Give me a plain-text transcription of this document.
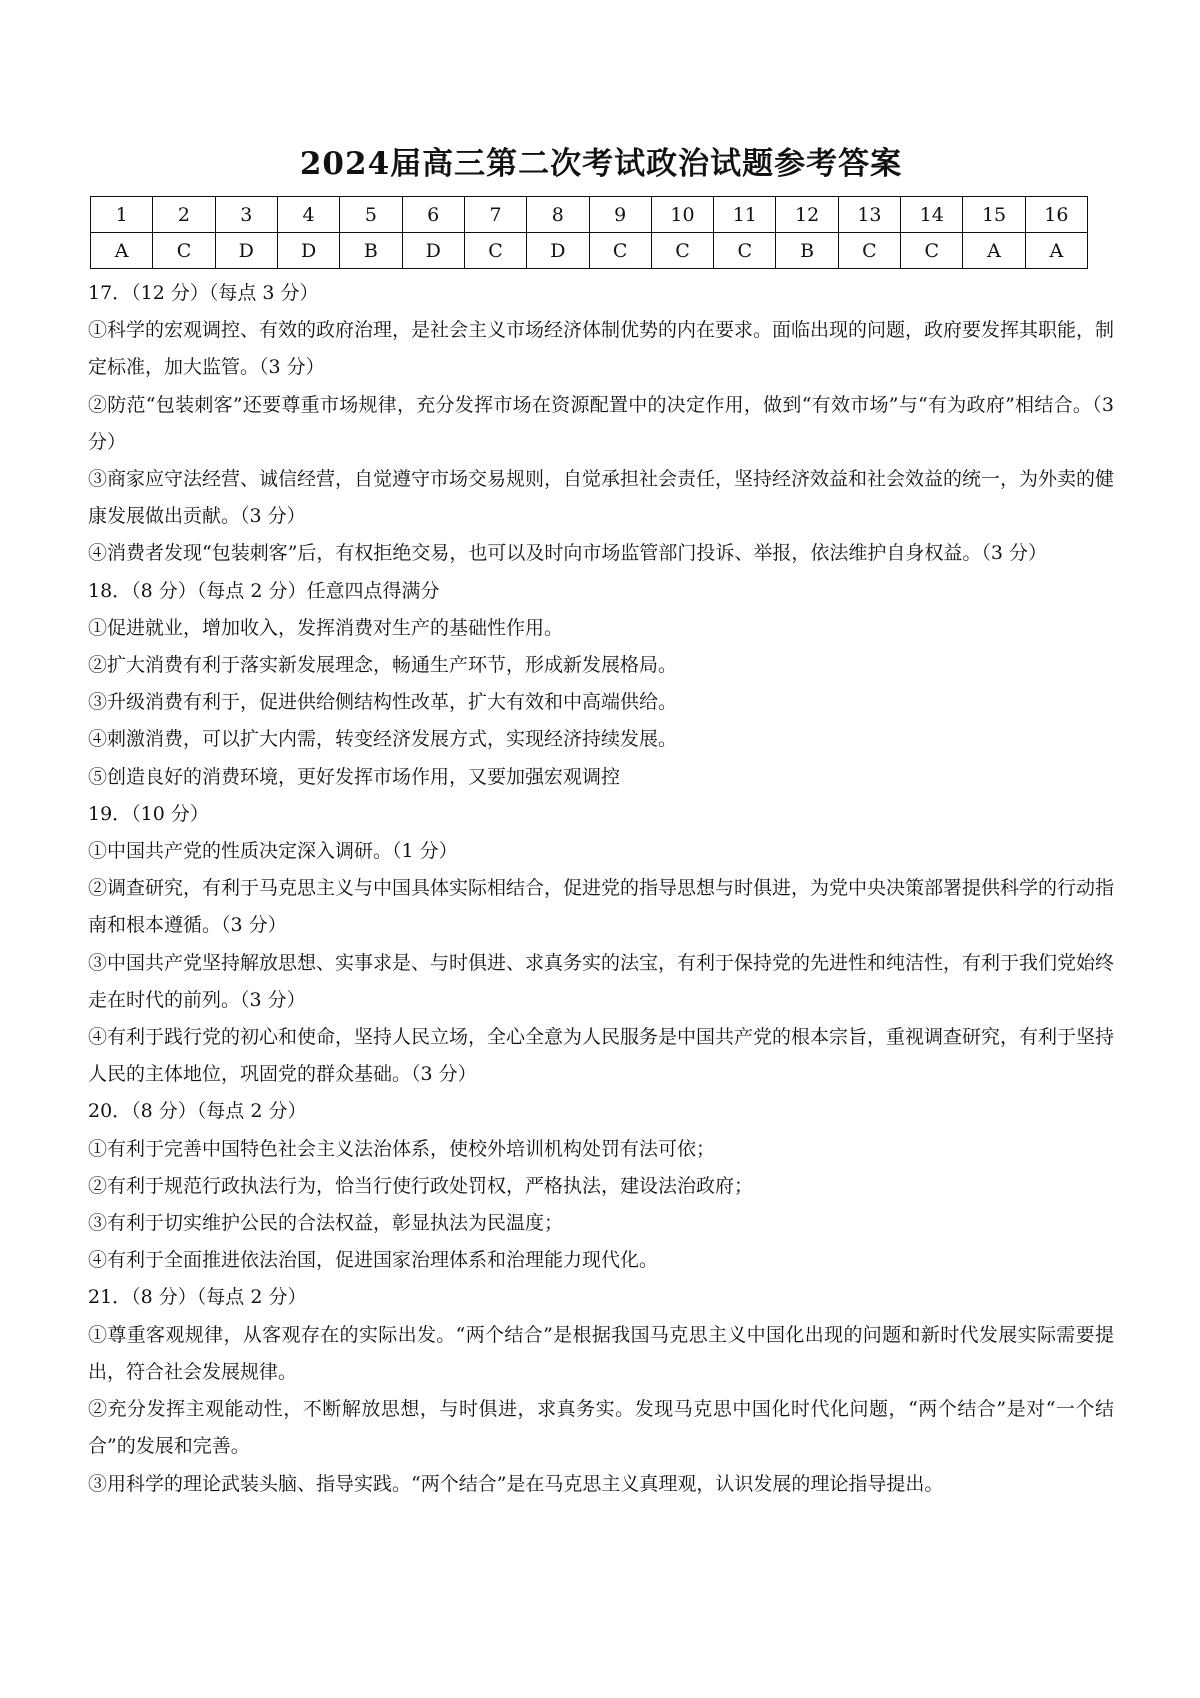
2024届高三第二次考试政治试题参考答案
1	2	3	4	5	6	7	8	9	10	11	12	13	14	15	16
A	C	D	D	B	D	C	D	C	C	C	B	C	C	A	A

17．（12 分）（每点 3 分）

①科学的宏观调控、有效的政府治理，是社会主义市场经济体制优势的内在要求。面临出现的问题，政府要发挥其职能，制定标准，加大监管。（3 分）

②防范“包装刺客”还要尊重市场规律，充分发挥市场在资源配置中的决定作用，做到“有效市场”与“有为政府”相结合。（3 分）

③商家应守法经营、诚信经营，自觉遵守市场交易规则，自觉承担社会责任，坚持经济效益和社会效益的统一，为外卖的健康发展做出贡献。（3 分）

④消费者发现“包装刺客”后，有权拒绝交易，也可以及时向市场监管部门投诉、举报，依法维护自身权益。（3 分）

18．（8 分）（每点 2 分）任意四点得满分

①促进就业，增加收入，发挥消费对生产的基础性作用。

②扩大消费有利于落实新发展理念，畅通生产环节，形成新发展格局。

③升级消费有利于，促进供给侧结构性改革，扩大有效和中高端供给。

④刺激消费，可以扩大内需，转变经济发展方式，实现经济持续发展。

⑤创造良好的消费环境，更好发挥市场作用，又要加强宏观调控

19．（10 分）

①中国共产党的性质决定深入调研。（1 分）

②调查研究，有利于马克思主义与中国具体实际相结合，促进党的指导思想与时俱进，为党中央决策部署提供科学的行动指南和根本遵循。（3 分）

③中国共产党坚持解放思想、实事求是、与时俱进、求真务实的法宝，有利于保持党的先进性和纯洁性，有利于我们党始终走在时代的前列。（3 分）

④有利于践行党的初心和使命，坚持人民立场，全心全意为人民服务是中国共产党的根本宗旨，重视调查研究，有利于坚持人民的主体地位，巩固党的群众基础。（3 分）

20．（8 分）（每点 2 分）

①有利于完善中国特色社会主义法治体系，使校外培训机构处罚有法可依；

②有利于规范行政执法行为，恰当行使行政处罚权，严格执法，建设法治政府；

③有利于切实维护公民的合法权益，彰显执法为民温度；

④有利于全面推进依法治国，促进国家治理体系和治理能力现代化。

21．（8 分）（每点 2 分）

①尊重客观规律，从客观存在的实际出发。“两个结合”是根据我国马克思主义中国化出现的问题和新时代发展实际需要提出，符合社会发展规律。

②充分发挥主观能动性，不断解放思想，与时俱进，求真务实。发现马克思中国化时代化问题，“两个结合”是对“一个结合”的发展和完善。

③用科学的理论武装头脑、指导实践。“两个结合”是在马克思主义真理观，认识发展的理论指导提出。
